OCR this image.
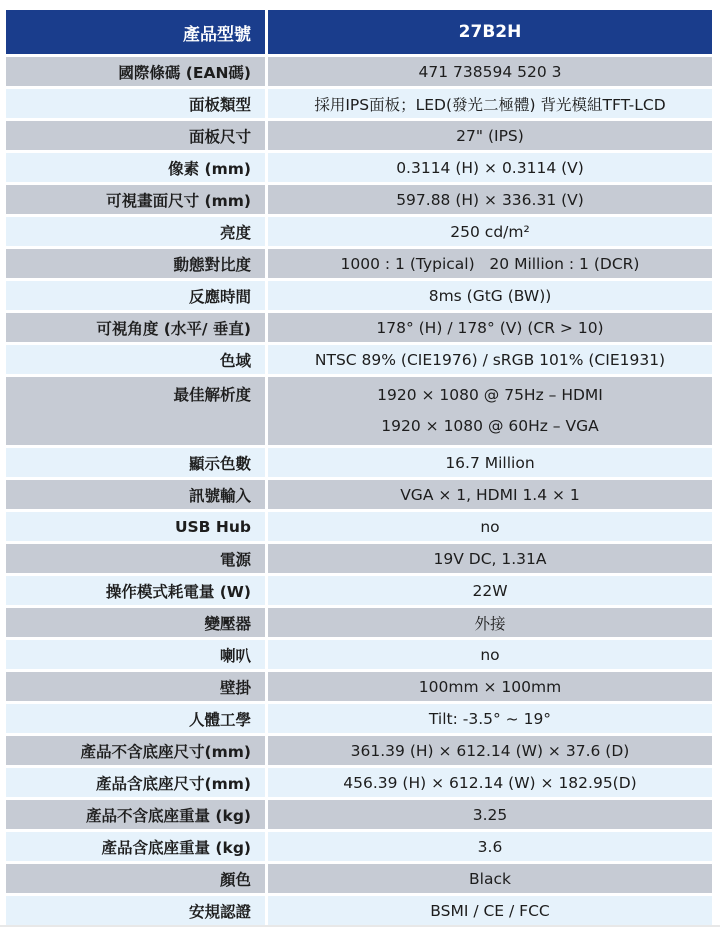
產品型號	27B2H
國際條碼 (EAN碼)	471 738594 520 3
面板類型	採用IPS面板；LED(發光二極體) 背光模組TFT-LCD
面板尺寸	27" (IPS)
像素 (mm)	0.3114 (H) × 0.3114 (V)
可視畫面尺寸 (mm)	597.88 (H) × 336.31 (V)
亮度	250 cd/m²
動態對比度	1000 : 1 (Typical)   20 Million : 1 (DCR)
反應時間	8ms (GtG (BW))
可視角度 (水平/ 垂直)	178° (H) / 178° (V) (CR > 10)
色域	NTSC 89% (CIE1976) / sRGB 101% (CIE1931)
最佳解析度	1920 × 1080 @ 75Hz – HDMI
1920 × 1080 @ 60Hz – VGA

顯示色數	16.7 Million
訊號輸入	VGA × 1, HDMI 1.4 × 1
USB Hub	no
電源	19V DC, 1.31A
操作模式耗電量 (W)	22W
變壓器	外接
喇叭	no
壁掛	100mm × 100mm
人體工學	Tilt: -3.5° ~ 19°
產品不含底座尺寸(mm)	361.39 (H) × 612.14 (W) × 37.6 (D)
產品含底座尺寸(mm)	456.39 (H) × 612.14 (W) × 182.95(D)
產品不含底座重量 (kg)	3.25
產品含底座重量 (kg)	3.6
顏色	Black
安規認證	BSMI / CE / FCC
